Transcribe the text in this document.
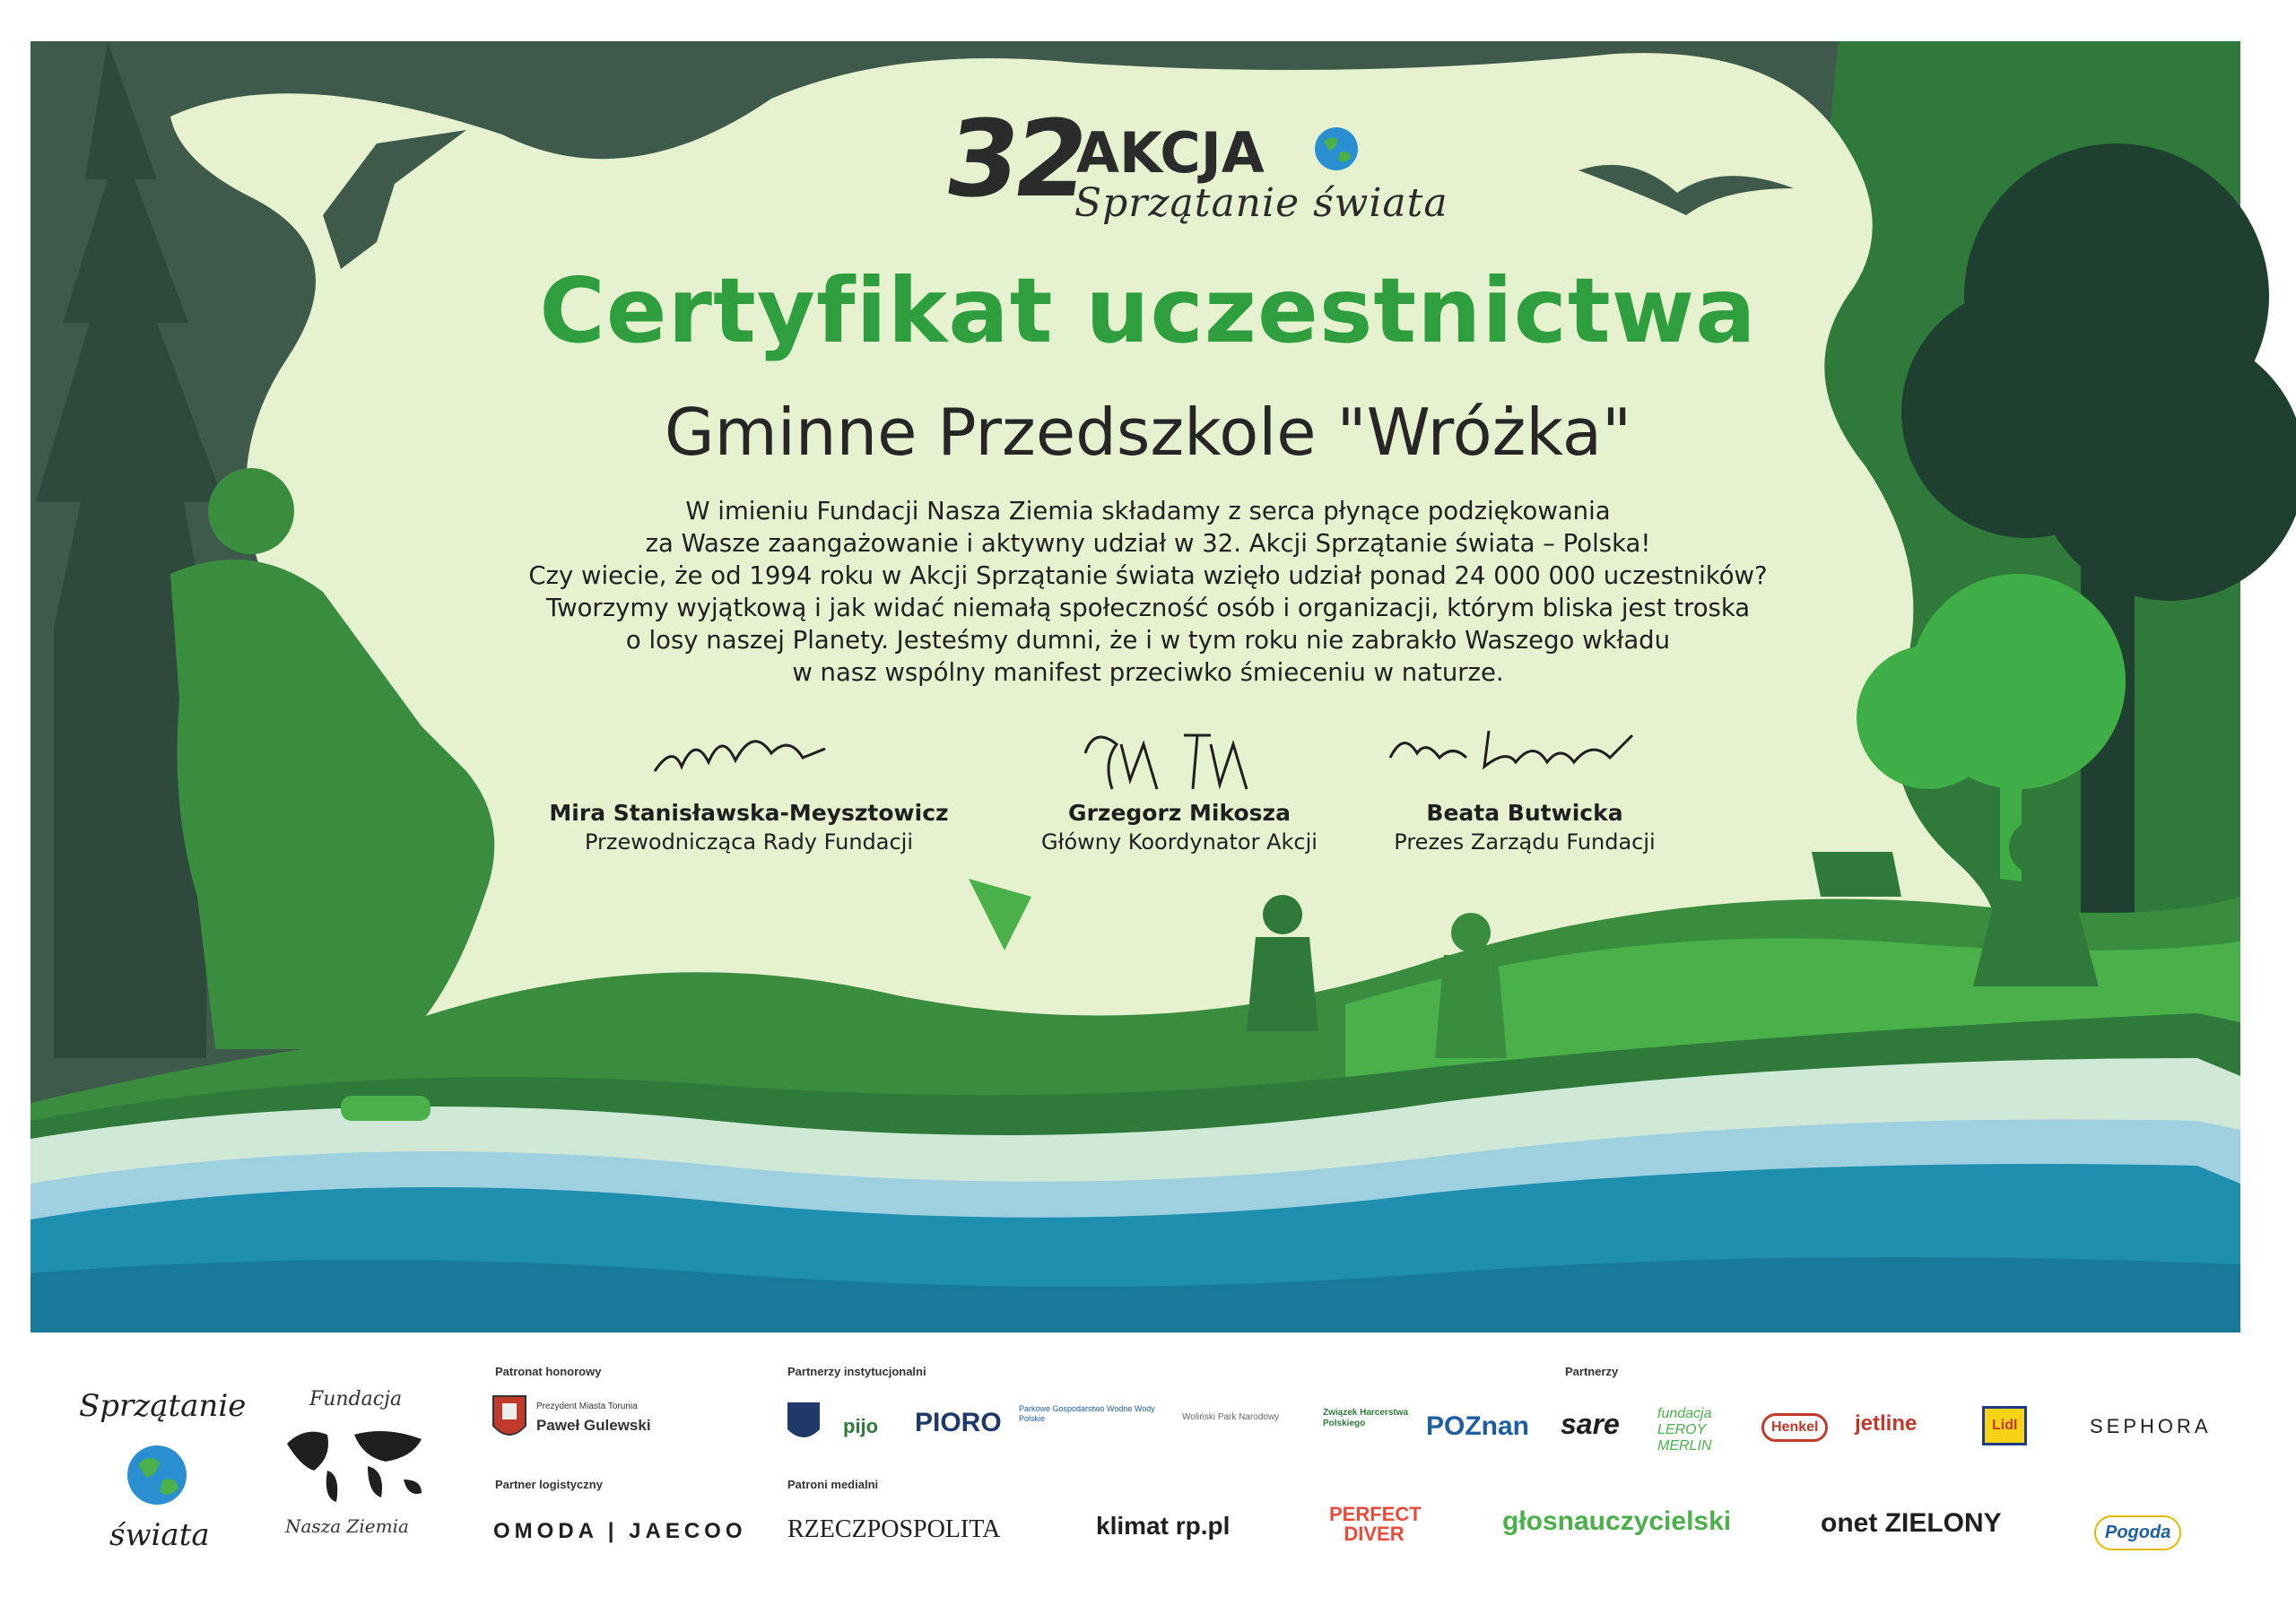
32
AKCJA
Sprzątanie świata
Certyfikat uczestnictwa
Gminne Przedszkole "Wróżka"
W imieniu Fundacji Nasza Ziemia składamy z serca płynące podziękowania
za Wasze zaangażowanie i aktywny udział w 32. Akcji Sprzątanie świata – Polska!
Czy wiecie, że od 1994 roku w Akcji Sprzątanie świata wzięło udział ponad 24 000 000 uczestników?
Tworzymy wyjątkową i jak widać niemałą społeczność osób i organizacji, którym bliska jest troska
o losy naszej Planety. Jesteśmy dumni, że i w tym roku nie zabrakło Waszego wkładu
w nasz wspólny manifest przeciwko śmieceniu w naturze.
Mira Stanisławska-Meysztowicz
Przewodnicząca Rady Fundacji
Grzegorz Mikosza
Główny Koordynator Akcji
Beata Butwicka
Prezes Zarządu Fundacji
Sprzątanie
świata
Fundacja
Nasza Ziemia
Patronat honorowy	Partnerzy instytucjonalni	Partnerzy
Partner logistyczny	Patroni medialni
Prezydent Miasta Torunia
Paweł Gulewski	pijo PIORO Parkowe Gospodarstwo Wodne Wody Polskie	Woliński Park Narodowy	Związek Harcerstwa Polskiego	POZnan sare	fundacja LEROY MERLIN
Henkel	jetline	Lidl	SEPHORA
OMODA | JAECOO RZECZPOSPOLITA	klimat rp.pl	PERFECT DIVER	głosnauczycielski	onet ZIELONY	Pogoda
